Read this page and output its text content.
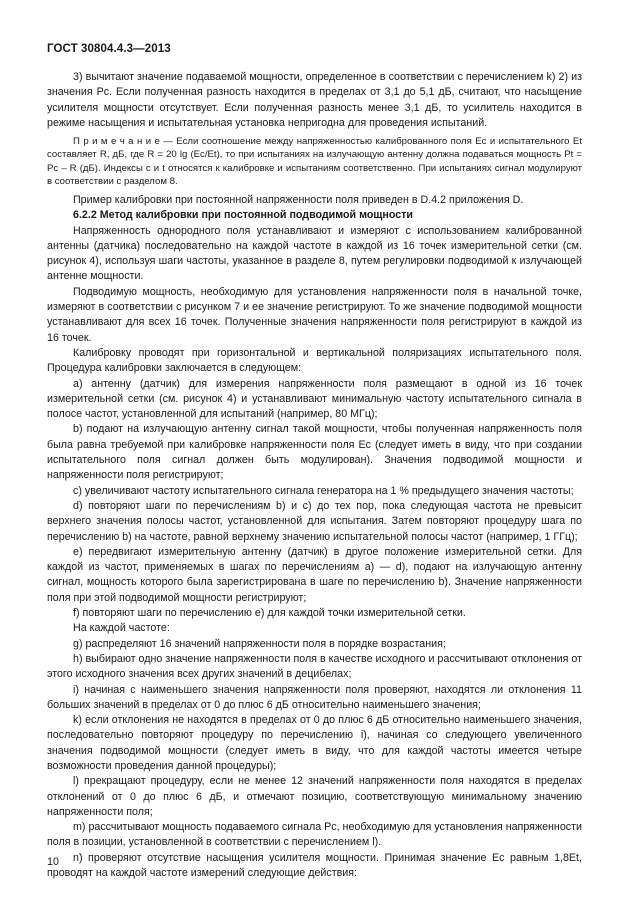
ГОСТ 30804.4.3—2013

3) вычитают значение подаваемой мощности, определенное в соответствии с перечислением k) 2) из значения Pc. Если полученная разность находится в пределах от 3,1 до 5,1 дБ, считают, что насыщение усилителя мощности отсутствует. Если полученная разность менее 3,1 дБ, то усилитель находится в режиме насыщения и испытательная установка непригодна для проведения испытаний.

П р и м е ч а н и е — Если соотношение между напряженностью калиброванного поля Ec и испытательного Et составляет R, дБ, где R = 20 lg (Ec/Et), то при испытаниях на излучающую антенну должна подаваться мощность Pt = Pc – R (дБ). Индексы c и t относятся к калибровке и испытаниям соответственно. При испытаниях сигнал модулируют в соответствии с разделом 8.

Пример калибровки при постоянной напряженности поля приведен в D.4.2 приложения D.

6.2.2 Метод калибровки при постоянной подводимой мощности

Напряженность однородного поля устанавливают и измеряют с использованием калиброванной антенны (датчика) последовательно на каждой частоте в каждой из 16 точек измерительной сетки (см. рисунок 4), используя шаги частоты, указанное в разделе 8, путем регулировки подводимой к излучающей антенне мощности.

Подводимую мощность, необходимую для установления напряженности поля в начальной точке, измеряют в соответствии с рисунком 7 и ее значение регистрируют. То же значение подводимой мощности устанавливают для всех 16 точек. Полученные значения напряженности поля регистрируют в каждой из 16 точек.

Калибровку проводят при горизонтальной и вертикальной поляризациях испытательного поля. Процедура калибровки заключается в следующем:

a) антенну (датчик) для измерения напряженности поля размещают в одной из 16 точек измерительной сетки (см. рисунок 4) и устанавливают минимальную частоту испытательного сигнала в полосе частот, установленной для испытаний (например, 80 МГц);

b) подают на излучающую антенну сигнал такой мощности, чтобы полученная напряженность поля была равна требуемой при калибровке напряженности поля Ec (следует иметь в виду, что при создании испытательного поля сигнал должен быть модулирован). Значения подводимой мощности и напряженности поля регистрируют;

c) увеличивают частоту испытательного сигнала генератора на 1 % предыдущего значения частоты;

d) повторяют шаги по перечислениям b) и c) до тех пор, пока следующая частота не превысит верхнего значения полосы частот, установленной для испытания. Затем повторяют процедуру шага по перечислению b) на частоте, равной верхнему значению испытательной полосы частот (например, 1 ГГц);

e) передвигают измерительную антенну (датчик) в другое положение измерительной сетки. Для каждой из частот, применяемых в шагах по перечислениям a) — d), подают на излучающую антенну сигнал, мощность которого была зарегистрирована в шаге по перечислению b). Значение напряженности поля при этой подводимой мощности регистрируют;

f) повторяют шаги по перечислению e) для каждой точки измерительной сетки.

На каждой частоте:

g) распределяют 16 значений напряженности поля в порядке возрастания;

h) выбирают одно значение напряженности поля в качестве исходного и рассчитывают отклонения от этого исходного значения всех других значений в децибелах;

i) начиная с наименьшего значения напряженности поля проверяют, находятся ли отклонения 11 больших значений в пределах от 0 до плюс 6 дБ относительно наименьшего значения;

k) если отклонения не находятся в пределах от 0 до плюс 6 дБ относительно наименьшего значения, последовательно повторяют процедуру по перечислению i), начиная со следующего увеличенного значения подводимой мощности (следует иметь в виду, что для каждой частоты имеется четыре возможности проведения данной процедуры);

l) прекращают процедуру, если не менее 12 значений напряженности поля находятся в пределах отклонений от 0 до плюс 6 дБ, и отмечают позицию, соответствующую минимальному значению напряженности поля;

m) рассчитывают мощность подаваемого сигнала Pc, необходимую для установления напряженности поля в позиции, установленной в соответствии с перечислением l).

n) проверяют отсутствие насыщения усилителя мощности. Принимая значение Ec равным 1,8Et, проводят на каждой частоте измерений следующие действия:

10
